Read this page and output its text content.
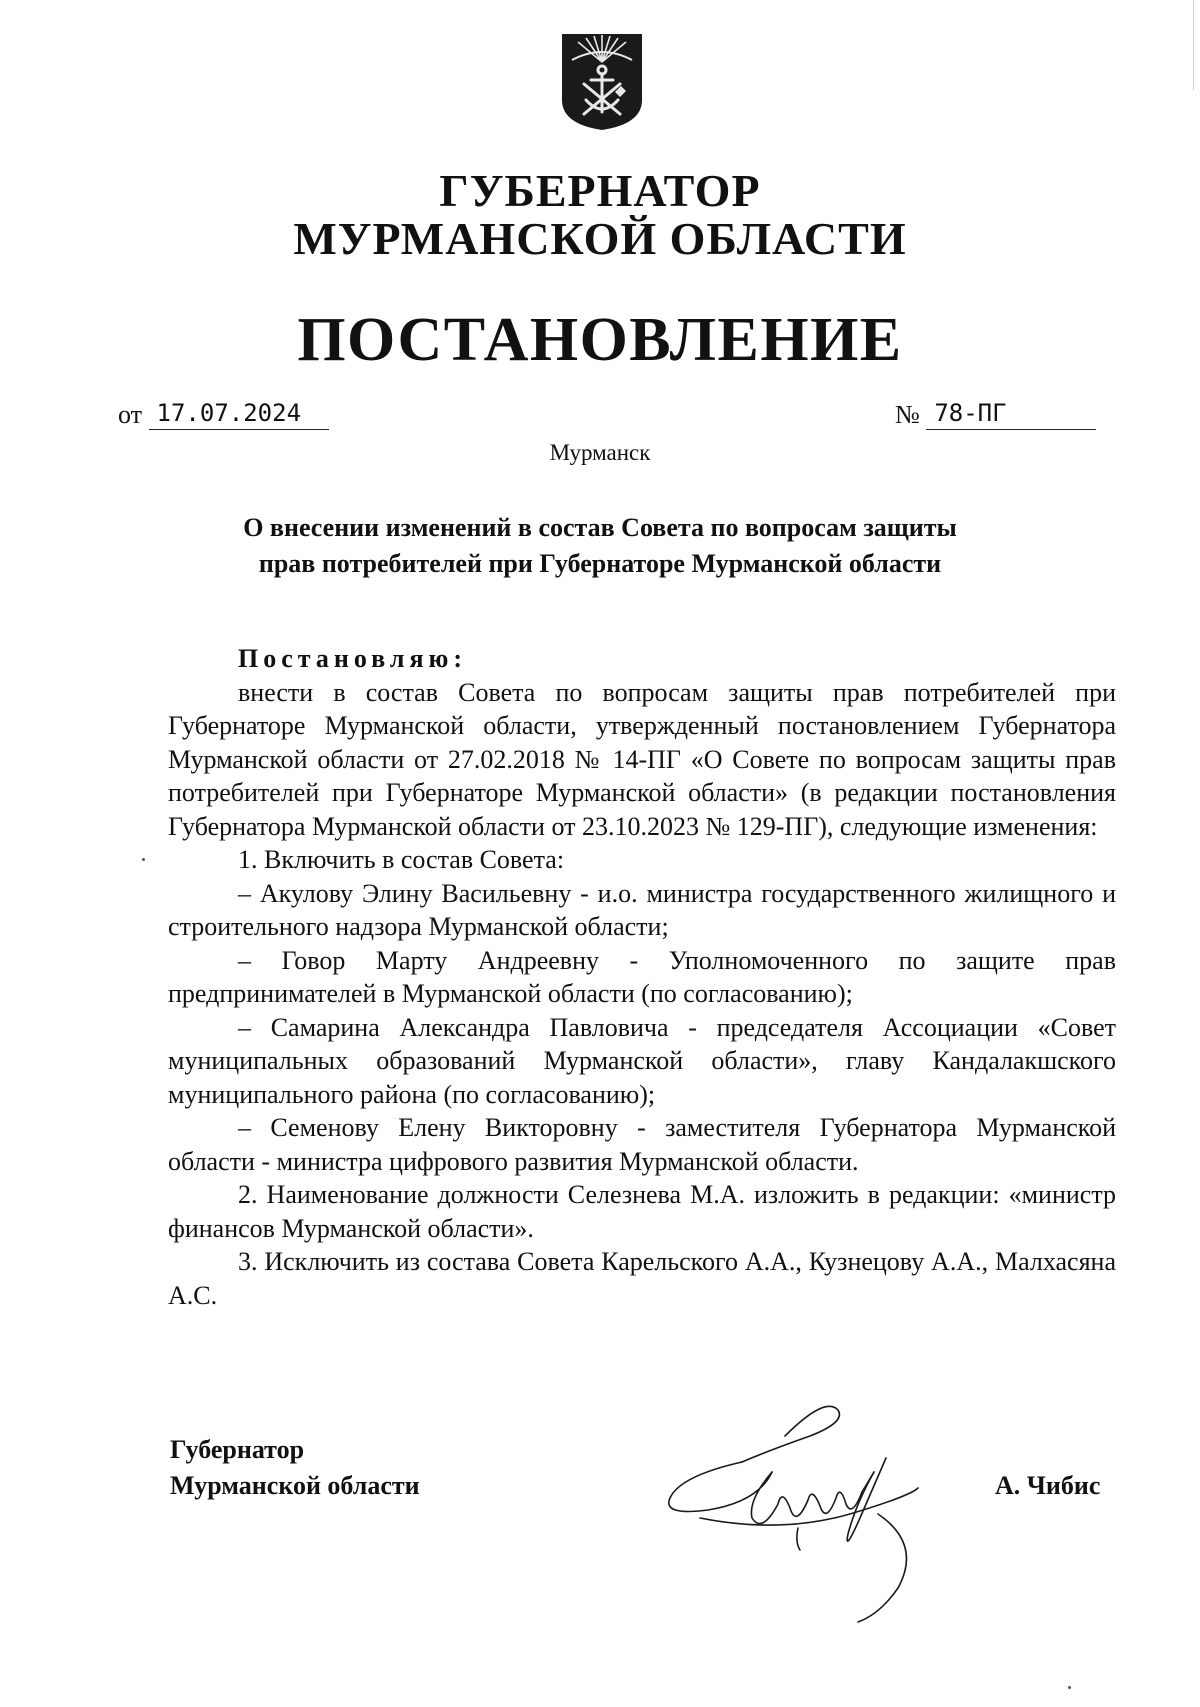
ГУБЕРНАТОР
МУРМАНСКОЙ ОБЛАСТИ
ПОСТАНОВЛЕНИЕ
от 17.07.2024	№ 78-ПГ
Мурманск
О внесении изменений в состав Совета по вопросам защиты
прав потребителей при Губернаторе Мурманской области

Постановляю:

внести в состав Совета по вопросам защиты прав потребителей при Губернаторе Мурманской области, утвержденный постановлением Губернатора Мурманской области от 27.02.2018 № 14-ПГ «О Совете по вопросам защиты прав потребителей при Губернаторе Мурманской области» (в редакции постановления Губернатора Мурманской области от 23.10.2023 № 129-ПГ), следующие изменения:

1. Включить в состав Совета:

– Акулову Элину Васильевну - и.о. министра государственного жилищного и строительного надзора Мурманской области;

– Говор Марту Андреевну - Уполномоченного по защите прав предпринимателей в Мурманской области (по согласованию);

– Самарина Александра Павловича - председателя Ассоциации «Совет муниципальных образований Мурманской области», главу Кандалакшского муниципального района (по согласованию);

– Семенову Елену Викторовну - заместителя Губернатора Мурманской области - министра цифрового развития Мурманской области.

2. Наименование должности Селезнева М.А. изложить в редакции: «министр финансов Мурманской области».

3. Исключить из состава Совета Карельского А.А., Кузнецову А.А., Малхасяна А.С.

Губернатор
Мурманской области	А. Чибис
